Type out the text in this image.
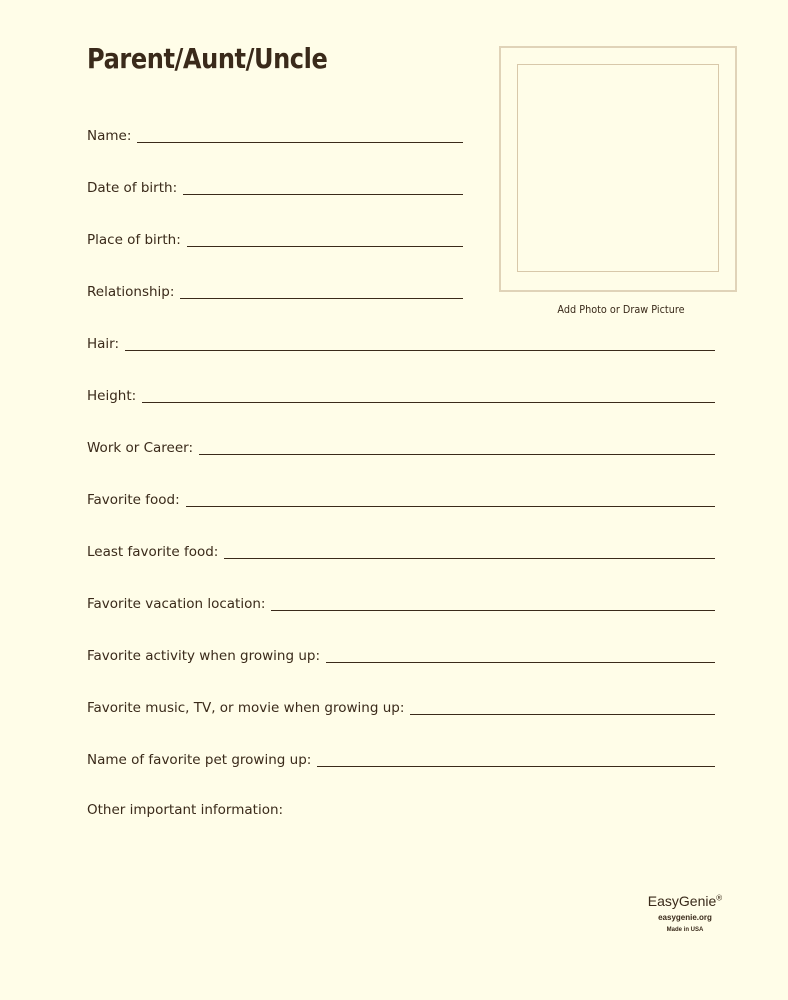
Parent/Aunt/Uncle
Add Photo or Draw Picture
Name:
Date of birth:
Place of birth:
Relationship:
Hair:
Height:
Work or Career:
Favorite food:
Least favorite food:
Favorite vacation location:
Favorite activity when growing up:
Favorite music, TV, or movie when growing up:
Name of favorite pet growing up:
Other important information:
EasyGenie®
easygenie.org
Made in USA
